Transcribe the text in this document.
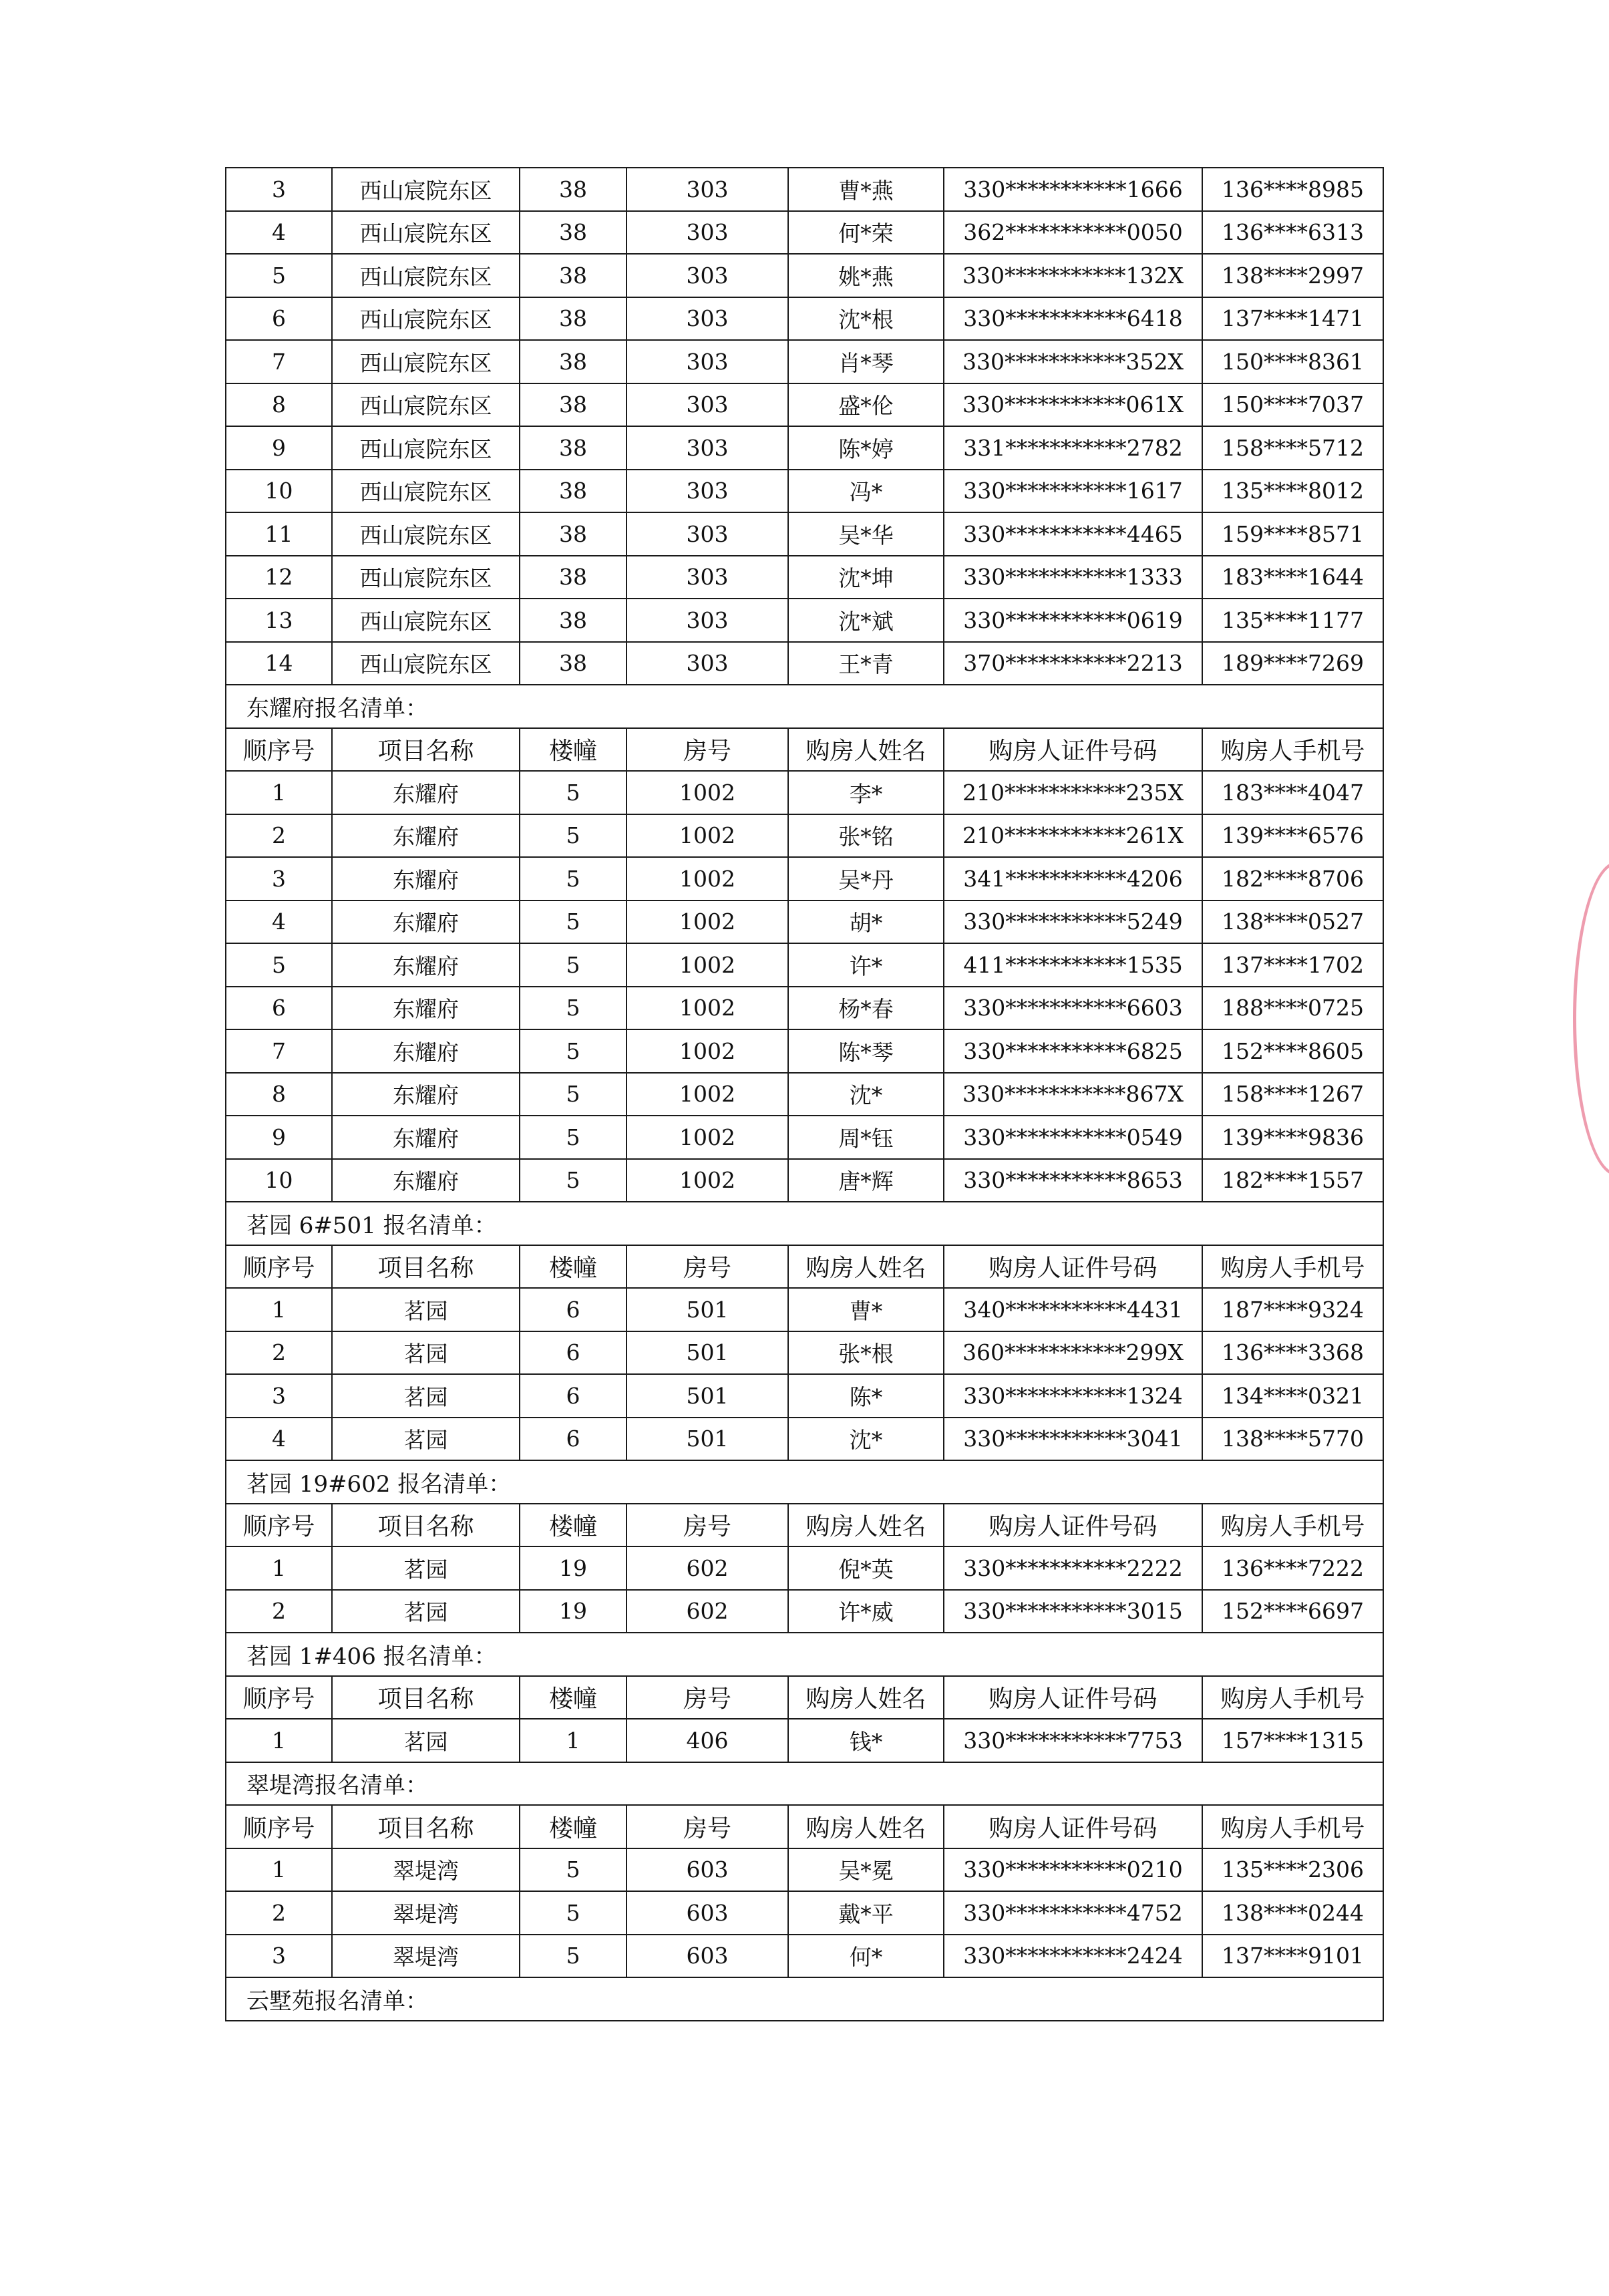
3	西山宸院东区	38	303	曹*燕	330***********1666	136****8985
4	西山宸院东区	38	303	何*荣	362***********0050	136****6313
5	西山宸院东区	38	303	姚*燕	330***********132X	138****2997
6	西山宸院东区	38	303	沈*根	330***********6418	137****1471
7	西山宸院东区	38	303	肖*琴	330***********352X	150****8361
8	西山宸院东区	38	303	盛*伦	330***********061X	150****7037
9	西山宸院东区	38	303	陈*婷	331***********2782	158****5712
10	西山宸院东区	38	303	冯*	330***********1617	135****8012
11	西山宸院东区	38	303	吴*华	330***********4465	159****8571
12	西山宸院东区	38	303	沈*坤	330***********1333	183****1644
13	西山宸院东区	38	303	沈*斌	330***********0619	135****1177
14	西山宸院东区	38	303	王*青	370***********2213	189****7269
东耀府报名清单：						
顺序号	项目名称	楼幢	房号	购房人姓名	购房人证件号码	购房人手机号
1	东耀府	5	1002	李*	210***********235X	183****4047
2	东耀府	5	1002	张*铭	210***********261X	139****6576
3	东耀府	5	1002	吴*丹	341***********4206	182****8706
4	东耀府	5	1002	胡*	330***********5249	138****0527
5	东耀府	5	1002	许*	411***********1535	137****1702
6	东耀府	5	1002	杨*春	330***********6603	188****0725
7	东耀府	5	1002	陈*琴	330***********6825	152****8605
8	东耀府	5	1002	沈*	330***********867X	158****1267
9	东耀府	5	1002	周*钰	330***********0549	139****9836
10	东耀府	5	1002	唐*辉	330***********8653	182****1557
茗园 6#501 报名清单：						
顺序号	项目名称	楼幢	房号	购房人姓名	购房人证件号码	购房人手机号
1	茗园	6	501	曹*	340***********4431	187****9324
2	茗园	6	501	张*根	360***********299X	136****3368
3	茗园	6	501	陈*	330***********1324	134****0321
4	茗园	6	501	沈*	330***********3041	138****5770
茗园 19#602 报名清单：						
顺序号	项目名称	楼幢	房号	购房人姓名	购房人证件号码	购房人手机号
1	茗园	19	602	倪*英	330***********2222	136****7222
2	茗园	19	602	许*威	330***********3015	152****6697
茗园 1#406 报名清单：						
顺序号	项目名称	楼幢	房号	购房人姓名	购房人证件号码	购房人手机号
1	茗园	1	406	钱*	330***********7753	157****1315
翠堤湾报名清单：						
顺序号	项目名称	楼幢	房号	购房人姓名	购房人证件号码	购房人手机号
1	翠堤湾	5	603	吴*冕	330***********0210	135****2306
2	翠堤湾	5	603	戴*平	330***********4752	138****0244
3	翠堤湾	5	603	何*	330***********2424	137****9101
云墅苑报名清单：						
